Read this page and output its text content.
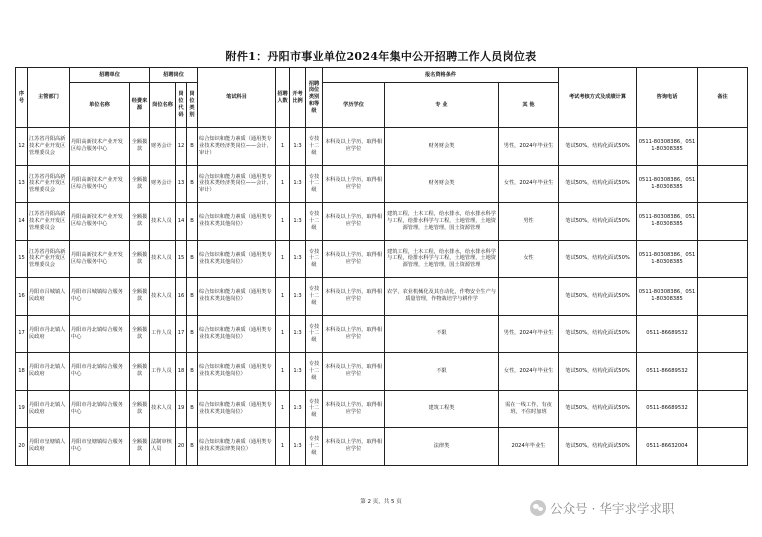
附件1：丹阳市事业单位2024年集中公开招聘工作人员岗位表
序号	主管部门	招聘单位		招聘岗位			笔试科目	招聘人数	开考比例	招聘岗位类别和等级	报名资格条件			考试考核方式及成绩计算	咨询电话	备注
		单位名称	经费来源	岗位名称	岗位代码	岗位类别					学历学位	专 业	其 他			
12	江苏省丹阳高新技术产业开发区管理委员会	丹阳高新技术产业开发区综合服务中心	全额拨款	财务会计	12	B	综合知识和能力素质（通用类专业技术类经济类岗位——会计、审计）	1	1:3	专技十二级	本科及以上学历，取得相应学位	财务财会类	男性，2024年毕业生	笔试50%，结构化面试50%	0511-80308386，0511-80308385	
13	江苏省丹阳高新技术产业开发区管理委员会	丹阳高新技术产业开发区综合服务中心	全额拨款	财务会计	13	B	综合知识和能力素质（通用类专业技术类经济类岗位——会计、审计）	1	1:3	专技十二级	本科及以上学历，取得相应学位	财务财会类	女性，2024年毕业生	笔试50%，结构化面试50%	0511-80308386，0511-80308385	
14	江苏省丹阳高新技术产业开发区管理委员会	丹阳高新技术产业开发区综合服务中心	全额拨款	技术人员	14	B	综合知识和能力素质（通用类专业技术类其他岗位）	1	1:3	专技十二级	本科及以上学历，取得相应学位	建筑工程，土木工程，给水排水，给水排水科学与工程，给排水科学与工程，土地管理，土地资源管理，土地管理，国土资源管理	男性	笔试50%，结构化面试50%	0511-80308386，0511-80308385	
15	江苏省丹阳高新技术产业开发区管理委员会	丹阳高新技术产业开发区综合服务中心	全额拨款	技术人员	15	B	综合知识和能力素质（通用类专业技术类其他岗位）	1	1:3	专技十二级	本科及以上学历，取得相应学位	建筑工程，土木工程，给水排水，给水排水科学与工程，给排水科学与工程，土地管理，土地资源管理，土地管理，国土资源管理	女性	笔试50%，结构化面试50%	0511-80308386，0511-80308385	
16	丹阳市吕城镇人民政府	丹阳市吕城镇综合服务中心	全额拨款	技术人员	16	B	综合知识和能力素质（通用类专业技术类其他岗位）	1	1:3	专技十二级	本科及以上学历，取得相应学位	农学，农业机械化及其自动化，作物安全生产与质量管理，作物栽培学与耕作学		笔试50%，结构化面试50%	0511-80308386，0511-80308385	
17	丹阳市丹北镇人民政府	丹阳市丹北镇综合服务中心	全额拨款	工作人员	17	B	综合知识和能力素质（通用类专业技术类其他岗位）	1	1:3	专技十二级	本科及以上学历，取得相应学位	不限	男性，2024年毕业生	笔试50%，结构化面试50%	0511-86689532	
18	丹阳市丹北镇人民政府	丹阳市丹北镇综合服务中心	全额拨款	工作人员	18	B	综合知识和能力素质（通用类专业技术类其他岗位）	1	1:3	专技十二级	本科及以上学历，取得相应学位	不限	女性，2024年毕业生	笔试50%，结构化面试50%	0511-86689532	
19	丹阳市丹北镇人民政府	丹阳市丹北镇综合服务中心	全额拨款	技术人员	19	B	综合知识和能力素质（通用类专业技术类其他岗位）	1	1:3	专技十二级	本科及以上学历，取得相应学位	建筑工程类	需在一线工作，有夜班，不住时加班	笔试50%，结构化面试50%	0511-86689532	
20	丹阳市皇塘镇人民政府	丹阳市皇塘镇综合服务中心	全额拨款	法制审核人员	20	B	综合知识和能力素质（通用类专业技术类法律类岗位）	1	1:3	专技十二级	本科及以上学历，取得相应学位	法律类	2024年毕业生	笔试50%，结构化面试50%	0511-86632004	
第 2 页，共 5 页	公众号 · 华宇求学求职
